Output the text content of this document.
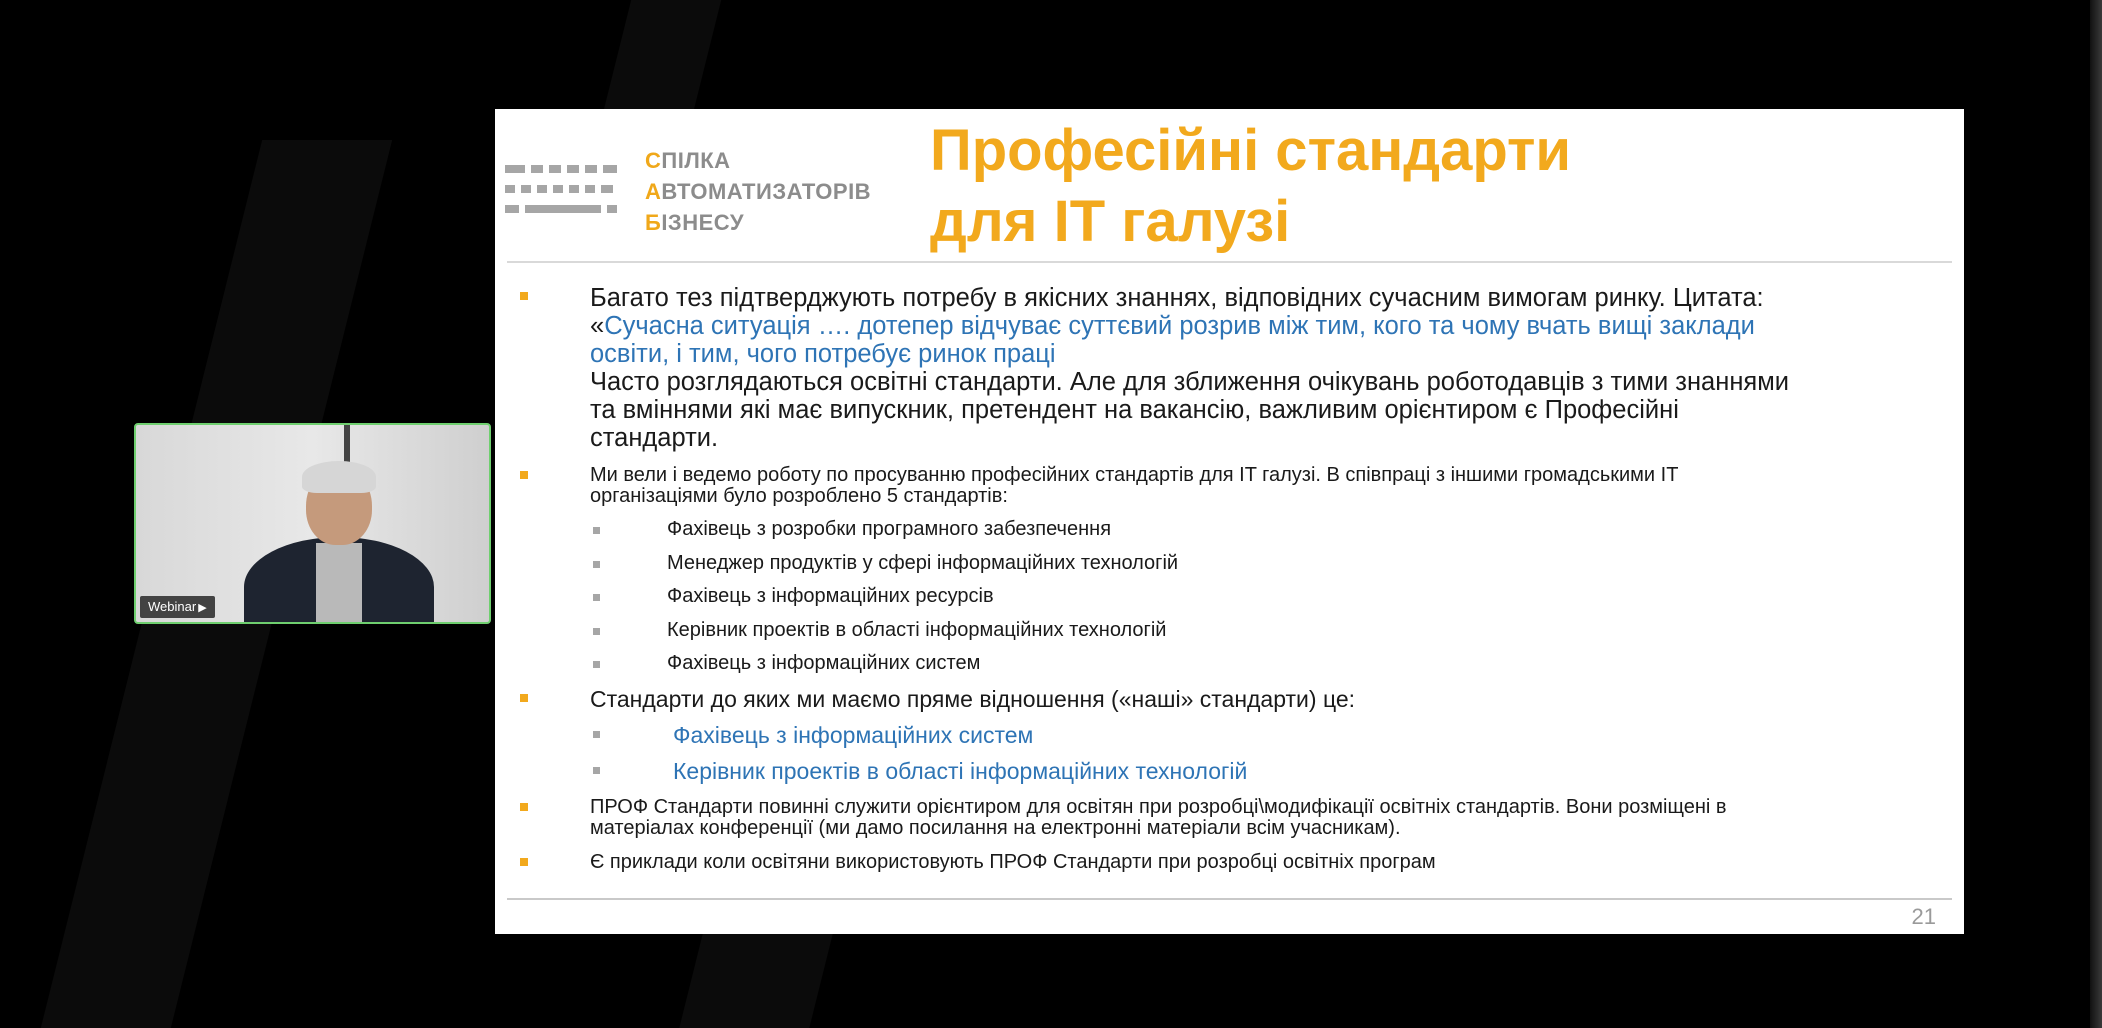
Webinar ▶
СПІЛКА
АВТОМАТИЗАТОРІВ
БІЗНЕСУ
Професійні стандарти
для IT галузі
Багато тез підтверджують потребу в якісних знаннях, відповідних сучасним вимогам ринку. Цитата:
«Сучасна ситуація …. дотепер відчуває суттєвий розрив між тим, кого та чому вчать вищі заклади
освіти, і тим, чого потребує ринок праці
Часто розглядаються освітні стандарти. Але для зближення очікувань роботодавців з тими знаннями
та вміннями які має випускник, претендент на вакансію, важливим орієнтиром є Професійні
стандарти.
Ми вели і ведемо роботу по просуванню професійних стандартів для IT галузі. В співпраці з іншими громадськими IT
організаціями було розроблено 5 стандартів:
Фахівець з розробки програмного забезпечення
Менеджер продуктів у сфері інформаційних технологій
Фахівець з інформаційних ресурсів
Керівник проектів в області інформаційних технологій
Фахівець з інформаційних систем
Стандарти до яких ми маємо пряме відношення («наші» стандарти) це:
Фахівець з інформаційних систем
Керівник проектів в області інформаційних технологій
ПРОФ Стандарти повинні служити орієнтиром для освітян при розробці\модифікації освітніх стандартів. Вони розміщені в
матеріалах конференції (ми дамо посилання на електронні матеріали всім учасникам).
Є приклади коли освітяни використовують ПРОФ Стандарти при розробці освітніх програм
21
